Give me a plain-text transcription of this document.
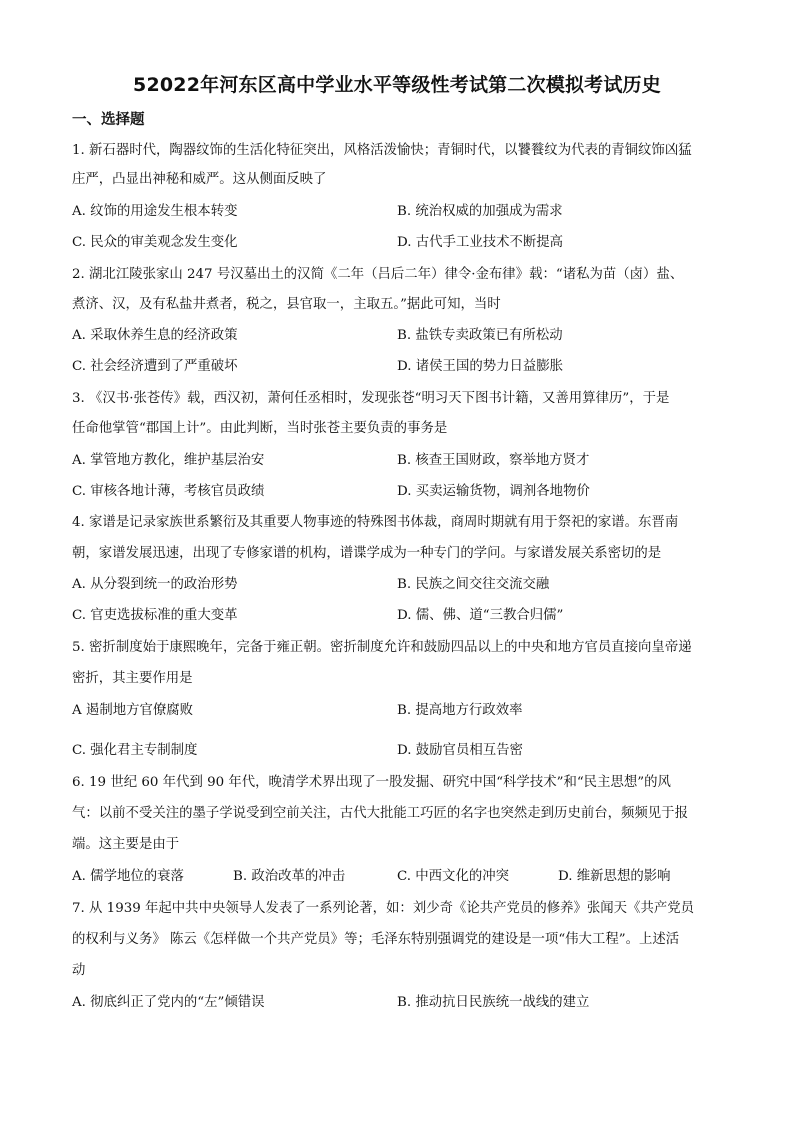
52022年河东区高中学业水平等级性考试第二次模拟考试历史
一、选择题
1. 新石器时代，陶器纹饰的生活化特征突出，风格活泼愉快；青铜时代，以饕餮纹为代表的青铜纹饰凶猛
庄严，凸显出神秘和威严。这从侧面反映了
A. 纹饰的用途发生根本转变	B. 统治权威的加强成为需求
C. 民众的审美观念发生变化	D. 古代手工业技术不断提高
2. 湖北江陵张家山 247 号汉墓出土的汉简《二年（吕后二年）律令·金布律》载：“诸私为苗（卤）盐、
煮济、汉，及有私盐井煮者，税之，县官取一，主取五。”据此可知，当时
A. 采取休养生息的经济政策	B. 盐铁专卖政策已有所松动
C. 社会经济遭到了严重破坏	D. 诸侯王国的势力日益膨胀
3. 《汉书·张苍传》载，西汉初，萧何任丞相时，发现张苍“明习天下图书计籍，又善用算律历”，于是
任命他掌管“郡国上计”。由此判断，当时张苍主要负责的事务是
A. 掌管地方教化，维护基层治安	B. 核查王国财政，察举地方贤才
C. 审核各地计薄，考核官员政绩	D. 买卖运输货物，调剂各地物价
4. 家谱是记录家族世系繁衍及其重要人物事迹的特殊图书体裁，商周时期就有用于祭祀的家谱。东晋南
朝，家谱发展迅速，出现了专修家谱的机构，谱谍学成为一种专门的学问。与家谱发展关系密切的是
A. 从分裂到统一的政治形势	B. 民族之间交往交流交融
C. 官吏选拔标准的重大变革	D. 儒、佛、道“三教合归儒”
5. 密折制度始于康熙晚年，完备于雍正朝。密折制度允许和鼓励四品以上的中央和地方官员直接向皇帝递
密折，其主要作用是
A 遏制地方官僚腐败	B. 提高地方行政效率
C. 强化君主专制制度	D. 鼓励官员相互告密
6. 19 世纪 60 年代到 90 年代，晚清学术界出现了一股发掘、研究中国“科学技术”和“民主思想”的风
气：以前不受关注的墨子学说受到空前关注，古代大批能工巧匠的名字也突然走到历史前台，频频见于报
端。这主要是由于
A. 儒学地位的衰落	B. 政治改革的冲击	C. 中西文化的冲突	D. 维新思想的影响
7. 从 1939 年起中共中央领导人发表了一系列论著，如：刘少奇《论共产党员的修养》张闻天《共产党员
的权利与义务》 陈云《怎样做一个共产党员》等；毛泽东特别强调党的建设是一项“伟大工程”。上述活
动
A. 彻底纠正了党内的“左”倾错误	B. 推动抗日民族统一战线的建立
